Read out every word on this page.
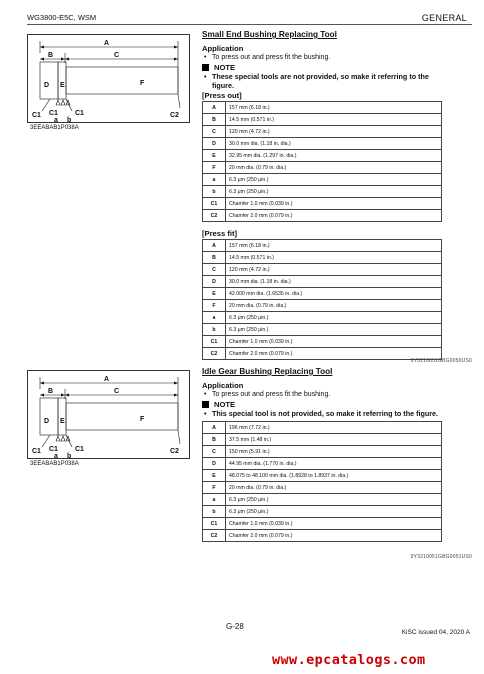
WG3800-E5C, WSM	GENERAL
A
B	C
D E	F
C1 C1 C1	C2
a b
3EEABAB1P038A
Small End Bushing Replacing Tool
Application
• To press out and press fit the bushing.
NOTE
• These special tools are not provided, so make it referring to the figure.
[Press out]
A	157 mm (6.18 in.)
B	14.5 mm (0.571 in.)
C	120 mm (4.72 in.)
D	30.0 mm dia. (1.18 in. dia.)
E	32.95 mm dia. (1.297 in. dia.)
F	20 mm dia. (0.79 in. dia.)
a	6.3 μm (250 μin.)
b	6.3 μm (250 μin.)
C1	Chamfer 1.0 mm (0.039 in.)
C2	Chamfer 2.0 mm (0.079 in.)
[Press fit]
A	157 mm (6.18 in.)
B	14.5 mm (0.571 in.)
C	120 mm (4.72 in.)
D	30.0 mm dia. (1.18 in. dia.)
E	42.000 mm dia. (1.6535 in. dia.)
F	20 mm dia. (0.79 in. dia.)
a	6.3 μm (250 μin.)
b	6.3 μm (250 μin.)
C1	Chamfer 1.0 mm (0.039 in.)
C2	Chamfer 2.0 mm (0.079 in.)
9Y3210051GBG0050US0
A
B	C
D E	F
C1 C1 C1	C2
a b
3EEABAB1P038A
Idle Gear Bushing Replacing Tool
Application
• To press out and press fit the bushing.
NOTE
• This special tool is not provided, so make it referring to the figure.
A	196 mm (7.72 in.)
B	37.5 mm (1.48 in.)
C	150 mm (5.91 in.)
D	44.95 mm dia. (1.770 in. dia.)
E	48.075 to 48.100 mm dia. (1.8928 to 1.8937 in. dia.)
F	20 mm dia. (0.79 in. dia.)
a	6.3 μm (250 μin.)
b	6.3 μm (250 μin.)
C1	Chamfer 1.0 mm (0.039 in.)
C2	Chamfer 2.0 mm (0.079 in.)
9Y3210051GBG0051US0
G-28
KiSC issued 04, 2020 A
www.epcatalogs.com
